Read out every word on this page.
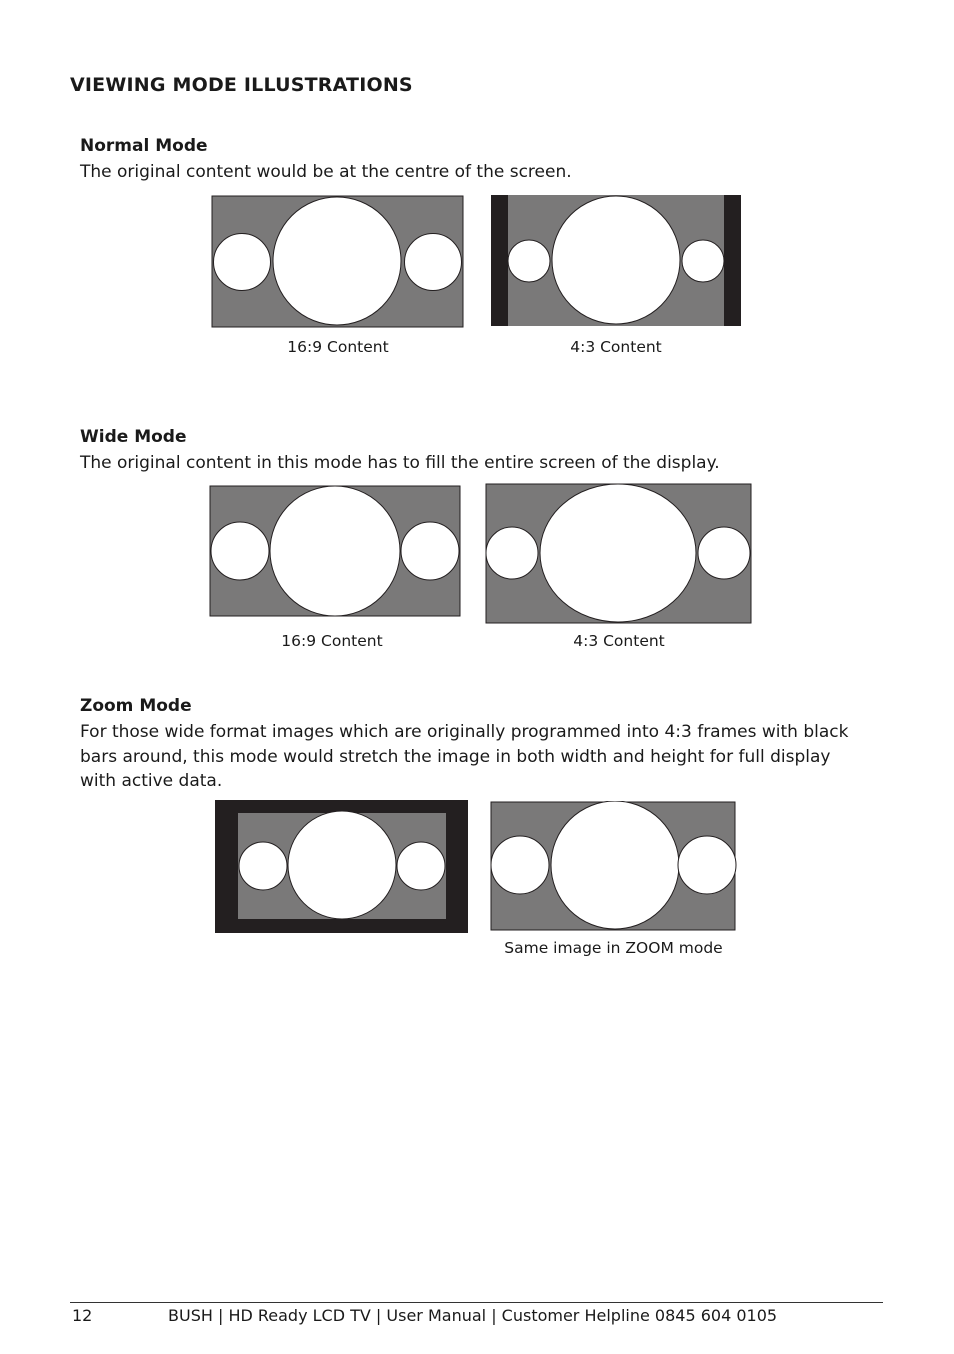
VIEWING MODE ILLUSTRATIONS
Normal Mode
The original content would be at the centre of the screen.
16:9 Content	4:3 Content
Wide Mode
The original content in this mode has to fill the entire screen of the display.
16:9 Content	4:3 Content
Zoom Mode
For those wide format images which are originally programmed into 4:3 frames with black bars around, this mode would stretch the image in both width and height for full display with active data.
Same image in ZOOM mode
12	BUSH | HD Ready LCD TV | User Manual | Customer Helpline 0845 604 0105
